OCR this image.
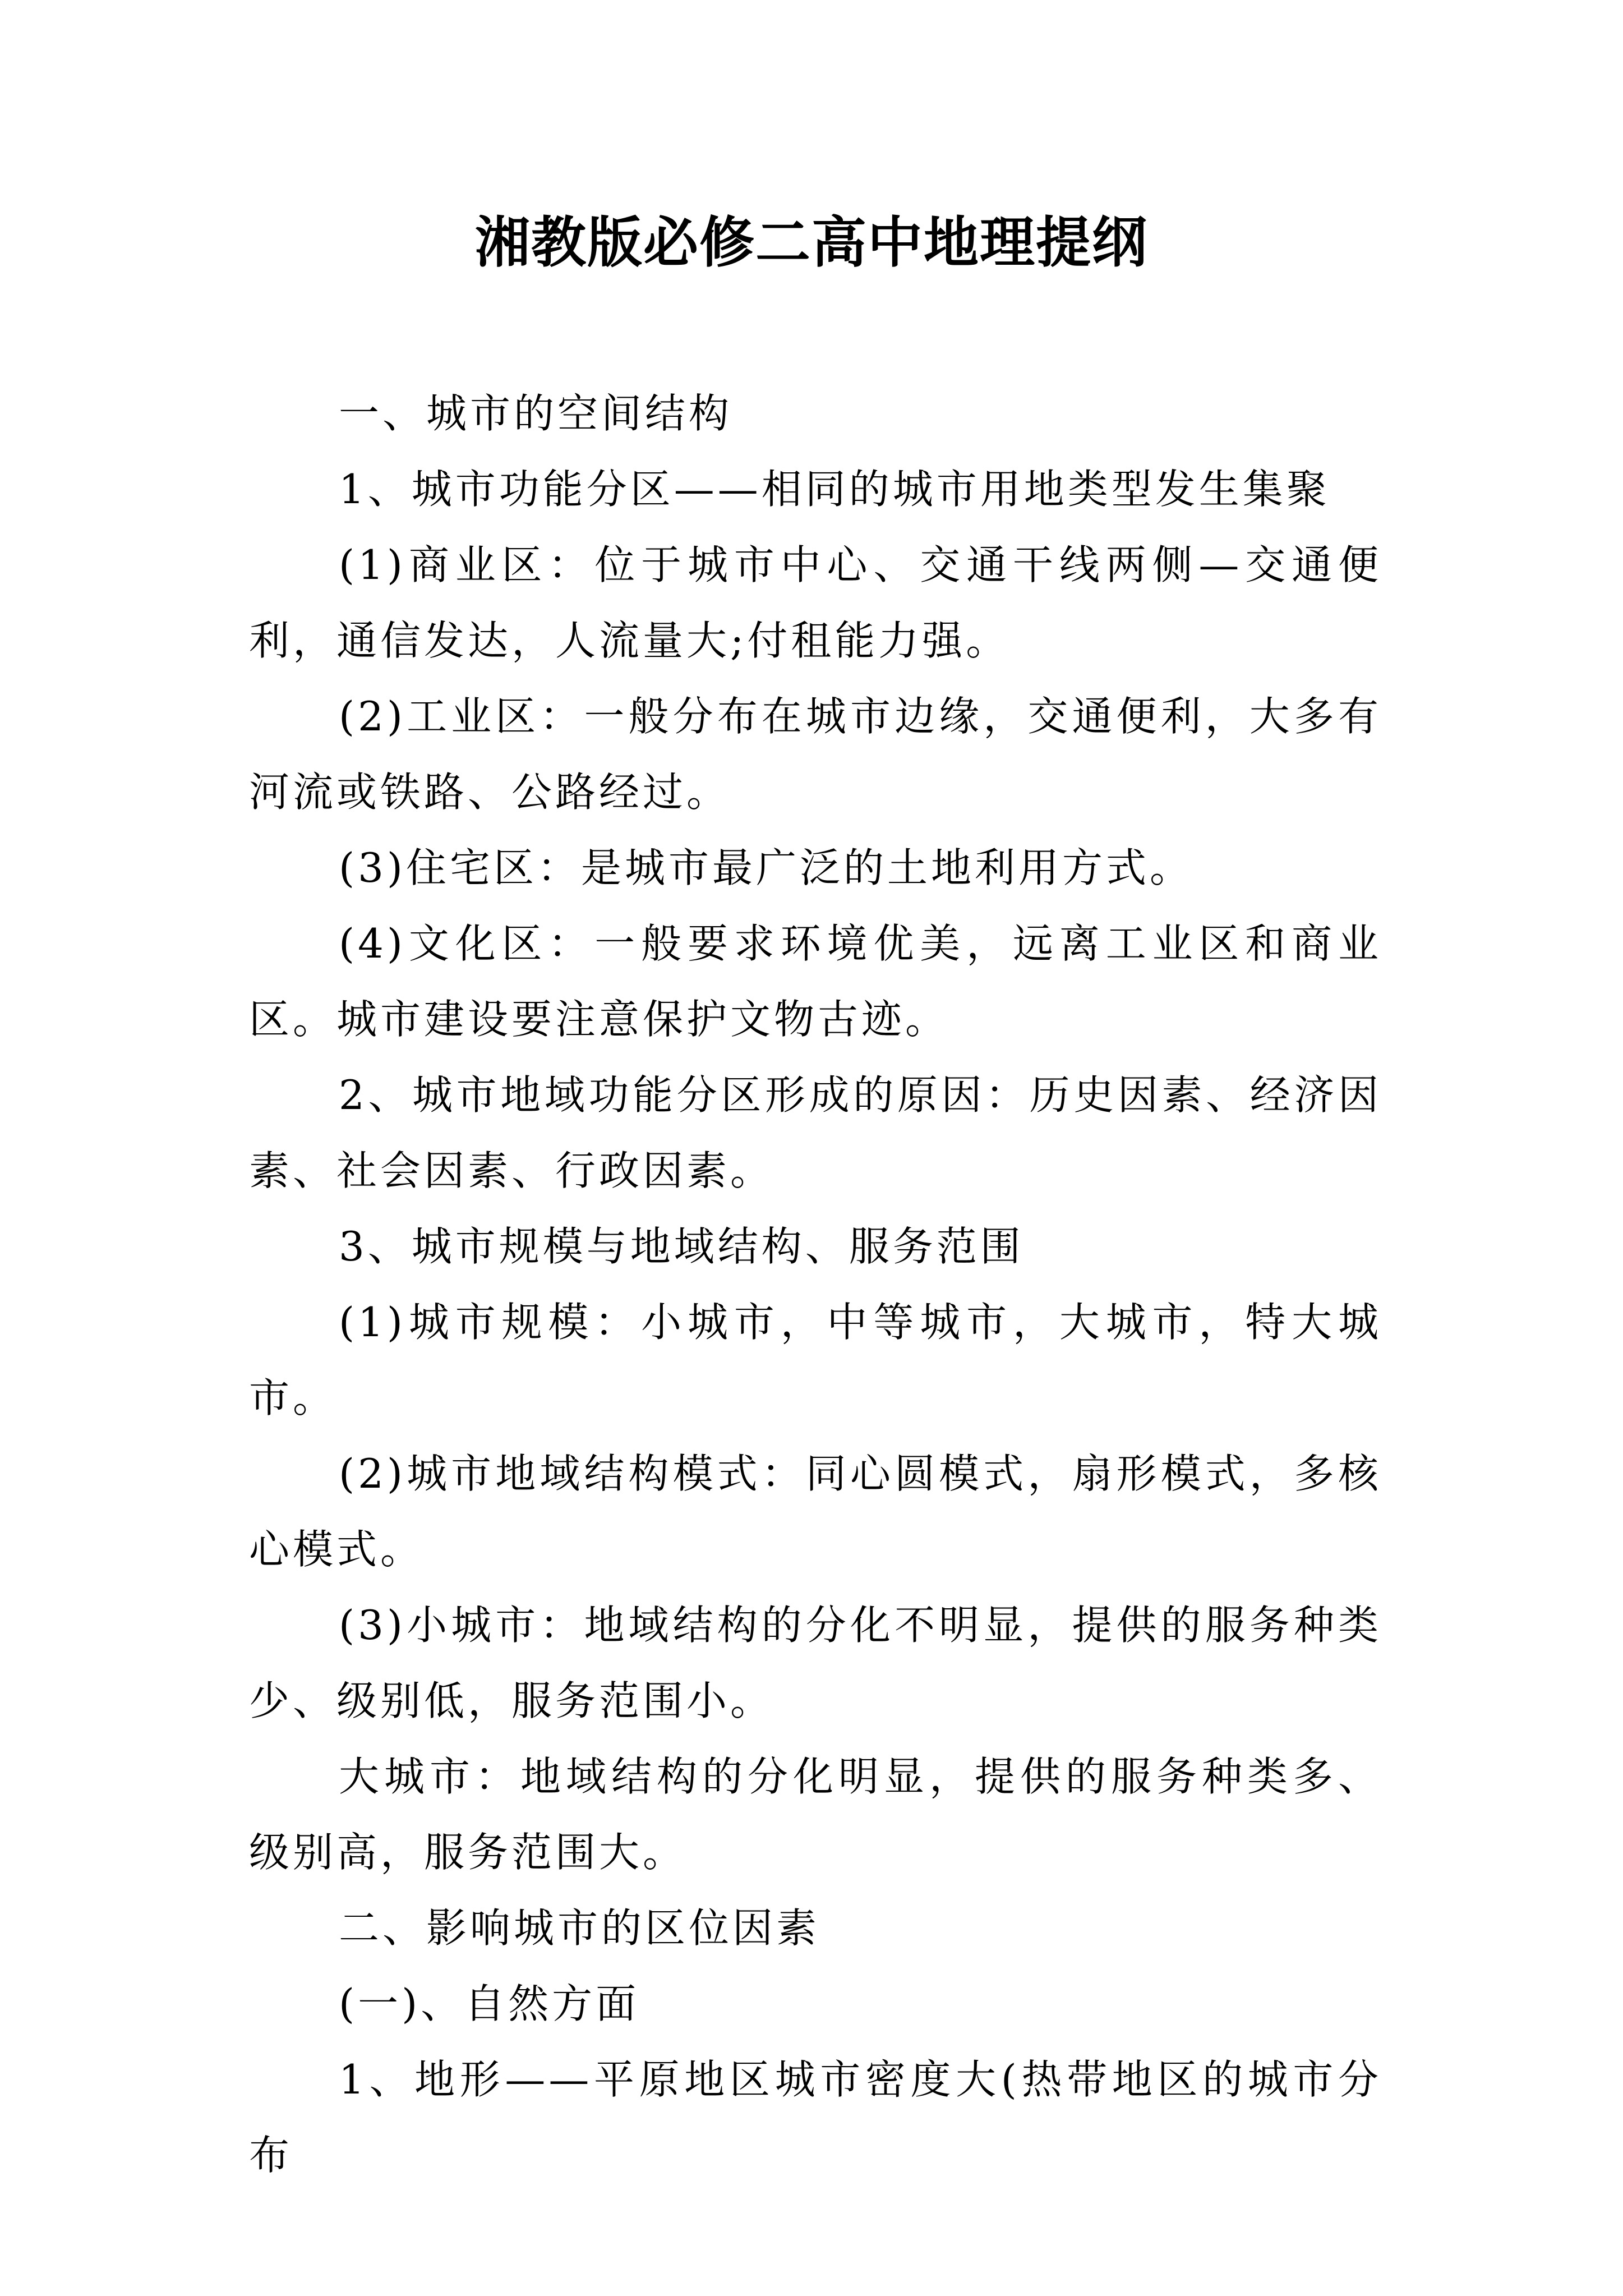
湘教版必修二高中地理提纲

一、城市的空间结构

1、城市功能分区——相同的城市用地类型发生集聚

(1)商业区：位于城市中心、交通干线两侧—交通便利，通信发达，人流量大;付租能力强。

(2)工业区：一般分布在城市边缘，交通便利，大多有河流或铁路、公路经过。

(3)住宅区：是城市最广泛的土地利用方式。

(4)文化区：一般要求环境优美，远离工业区和商业区。城市建设要注意保护文物古迹。

2、城市地域功能分区形成的原因：历史因素、经济因素、社会因素、行政因素。

3、城市规模与地域结构、服务范围

(1)城市规模：小城市，中等城市，大城市，特大城市。

(2)城市地域结构模式：同心圆模式，扇形模式，多核心模式。

(3)小城市：地域结构的分化不明显，提供的服务种类少、级别低，服务范围小。

大城市：地域结构的分化明显，提供的服务种类多、级别高，服务范围大。

二、影响城市的区位因素

(一)、自然方面

1、地形——平原地区城市密度大(热带地区的城市分布
